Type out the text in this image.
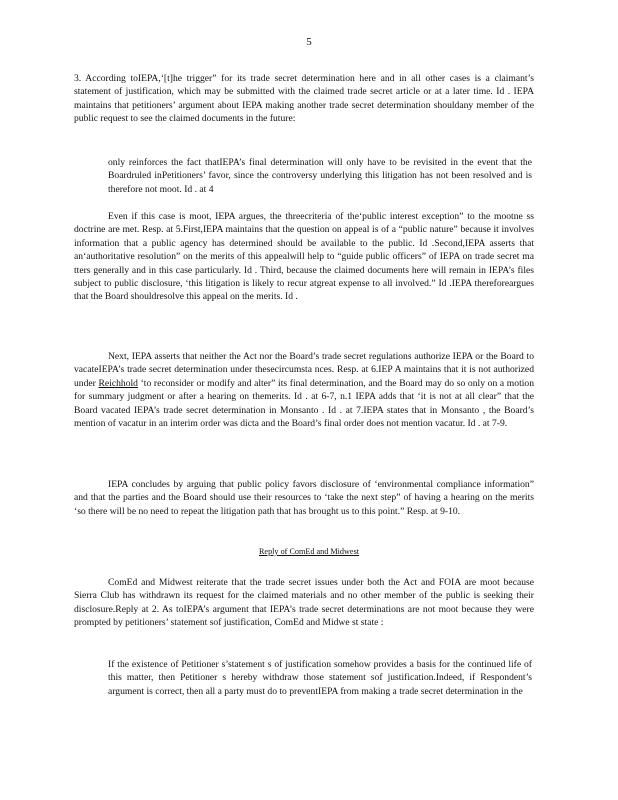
5

3. According toIEPA,‘[t]he trigger” for its trade secret determination here and in all other cases is a claimant’s statement of justification, which may be submitted with the claimed trade secret article or at a later time. Id . IEPA maintains that petitioners’ argument about IEPA making another trade secret determination shouldany member of the public request to see the claimed documents in the future:

only reinforces the fact thatIEPA’s final determination will only have to be revisited in the event that the Boardruled inPetitioners’ favor, since the controversy underlying this litigation has not been resolved and is therefore not moot. Id . at 4

Even if this case is moot, IEPA argues, the threecriteria of the‘public interest exception” to the mootne ss doctrine are met. Resp. at 5.First,IEPA maintains that the question on appeal is of a “public nature” because it involves information that a public agency has determined should be available to the public. Id .Second,IEPA asserts that an‘authoritative resolution” on the merits of this appealwill help to “guide public officers” of IEPA on trade secret ma tters generally and in this case particularly. Id . Third, because the claimed documents here will remain in IEPA’s files subject to public disclosure, ‘this litigation is likely to recur atgreat expense to all involved.” Id .IEPA thereforeargues that the Board shouldresolve this appeal on the merits. Id .

Next, IEPA asserts that neither the Act nor the Board’s trade secret regulations authorize IEPA or the Board to vacateIEPA’s trade secret determination under thesecircumsta nces. Resp. at 6.IEP A maintains that it is not authorized under Reichhold ‘to reconsider or modify and alter” its final determination, and the Board may do so only on a motion for summary judgment or after a hearing on themerits. Id . at 6-7, n.1 IEPA adds that ‘it is not at all clear” that the Board vacated IEPA’s trade secret determination in Monsanto . Id . at 7.IEPA states that in Monsanto , the Board’s mention of vacatur in an interim order was dicta and the Board’s final order does not mention vacatur. Id . at 7-9.

IEPA concludes by arguing that public policy favors disclosure of ‘environmental compliance information” and that the parties and the Board should use their resources to ‘take the next step” of having a hearing on the merits ‘so there will be no need to repeat the litigation path that has brought us to this point.” Resp. at 9-10.

Reply of ComEd and Midwest

ComEd and Midwest reiterate that the trade secret issues under both the Act and FOIA are moot because Sierra Club has withdrawn its request for the claimed materials and no other member of the public is seeking their disclosure.Reply at 2. As toIEPA’s argument that IEPA’s trade secret determinations are not moot because they were prompted by petitioners’ statement sof justification, ComEd and Midwe st state :

If the existence of Petitioner s’statement s of justification somehow provides a basis for the continued life of this matter, then Petitioner s hereby withdraw those statement sof justification.Indeed, if Respondent’s argument is correct, then all a party must do to preventIEPA from making a trade secret determination in the
